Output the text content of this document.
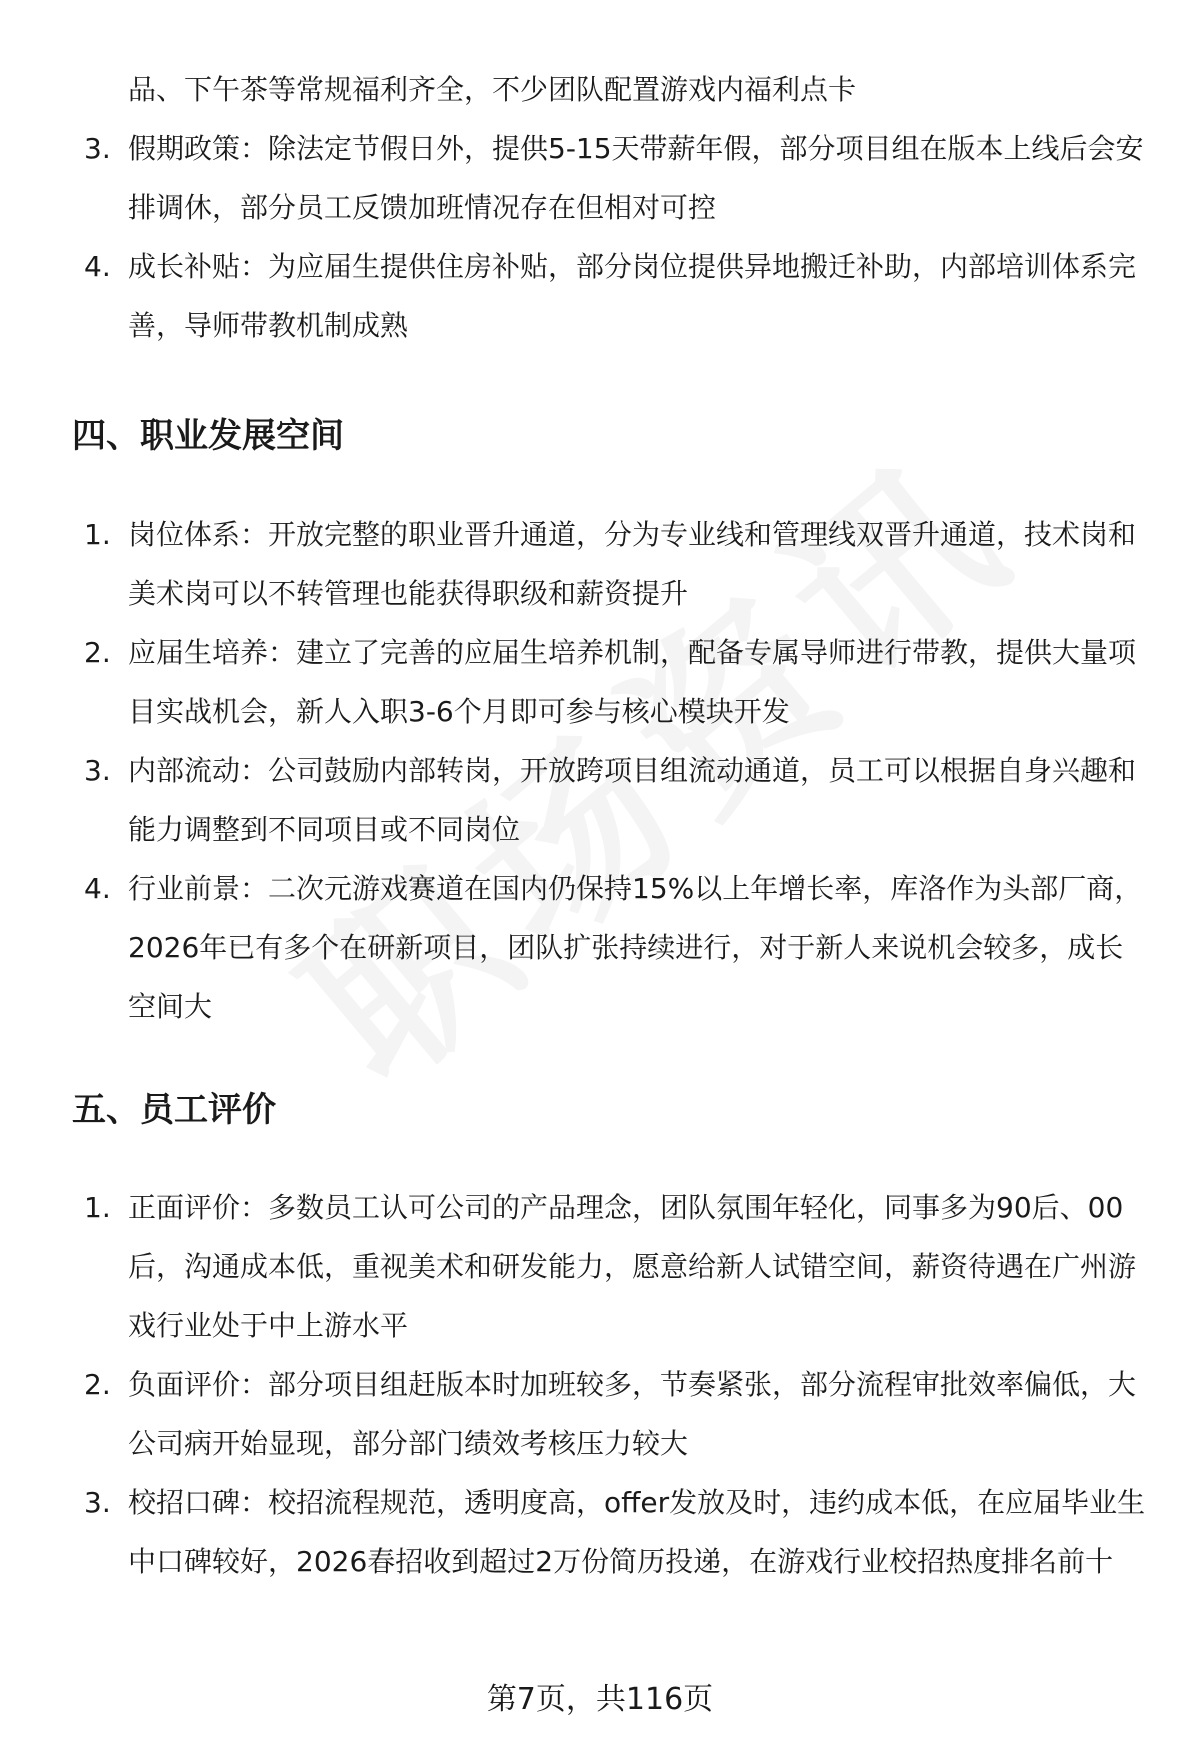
品、下午茶等常规福利齐全，不少团队配置游戏内福利点卡

3. 假期政策：除法定节假日外，提供5-15天带薪年假，部分项目组在版本上线后会安排调休，部分员工反馈加班情况存在但相对可控
4. 成长补贴：为应届生提供住房补贴，部分岗位提供异地搬迁补助，内部培训体系完善，导师带教机制成熟
四、职业发展空间
1. 岗位体系：开放完整的职业晋升通道，分为专业线和管理线双晋升通道，技术岗和美术岗可以不转管理也能获得职级和薪资提升
2. 应届生培养：建立了完善的应届生培养机制，配备专属导师进行带教，提供大量项目实战机会，新人入职3-6个月即可参与核心模块开发
3. 内部流动：公司鼓励内部转岗，开放跨项目组流动通道，员工可以根据自身兴趣和能力调整到不同项目或不同岗位
4. 行业前景：二次元游戏赛道在国内仍保持15%以上年增长率，库洛作为头部厂商，2026年已有多个在研新项目，团队扩张持续进行，对于新人来说机会较多，成长空间大
五、员工评价
1. 正面评价：多数员工认可公司的产品理念，团队氛围年轻化，同事多为90后、00后，沟通成本低，重视美术和研发能力，愿意给新人试错空间，薪资待遇在广州游戏行业处于中上游水平
2. 负面评价：部分项目组赶版本时加班较多，节奏紧张，部分流程审批效率偏低，大公司病开始显现，部分部门绩效考核压力较大
3. 校招口碑：校招流程规范，透明度高，offer发放及时，违约成本低，在应届毕业生中口碑较好，2026春招收到超过2万份简历投递，在游戏行业校招热度排名前十
第7页，共116页
